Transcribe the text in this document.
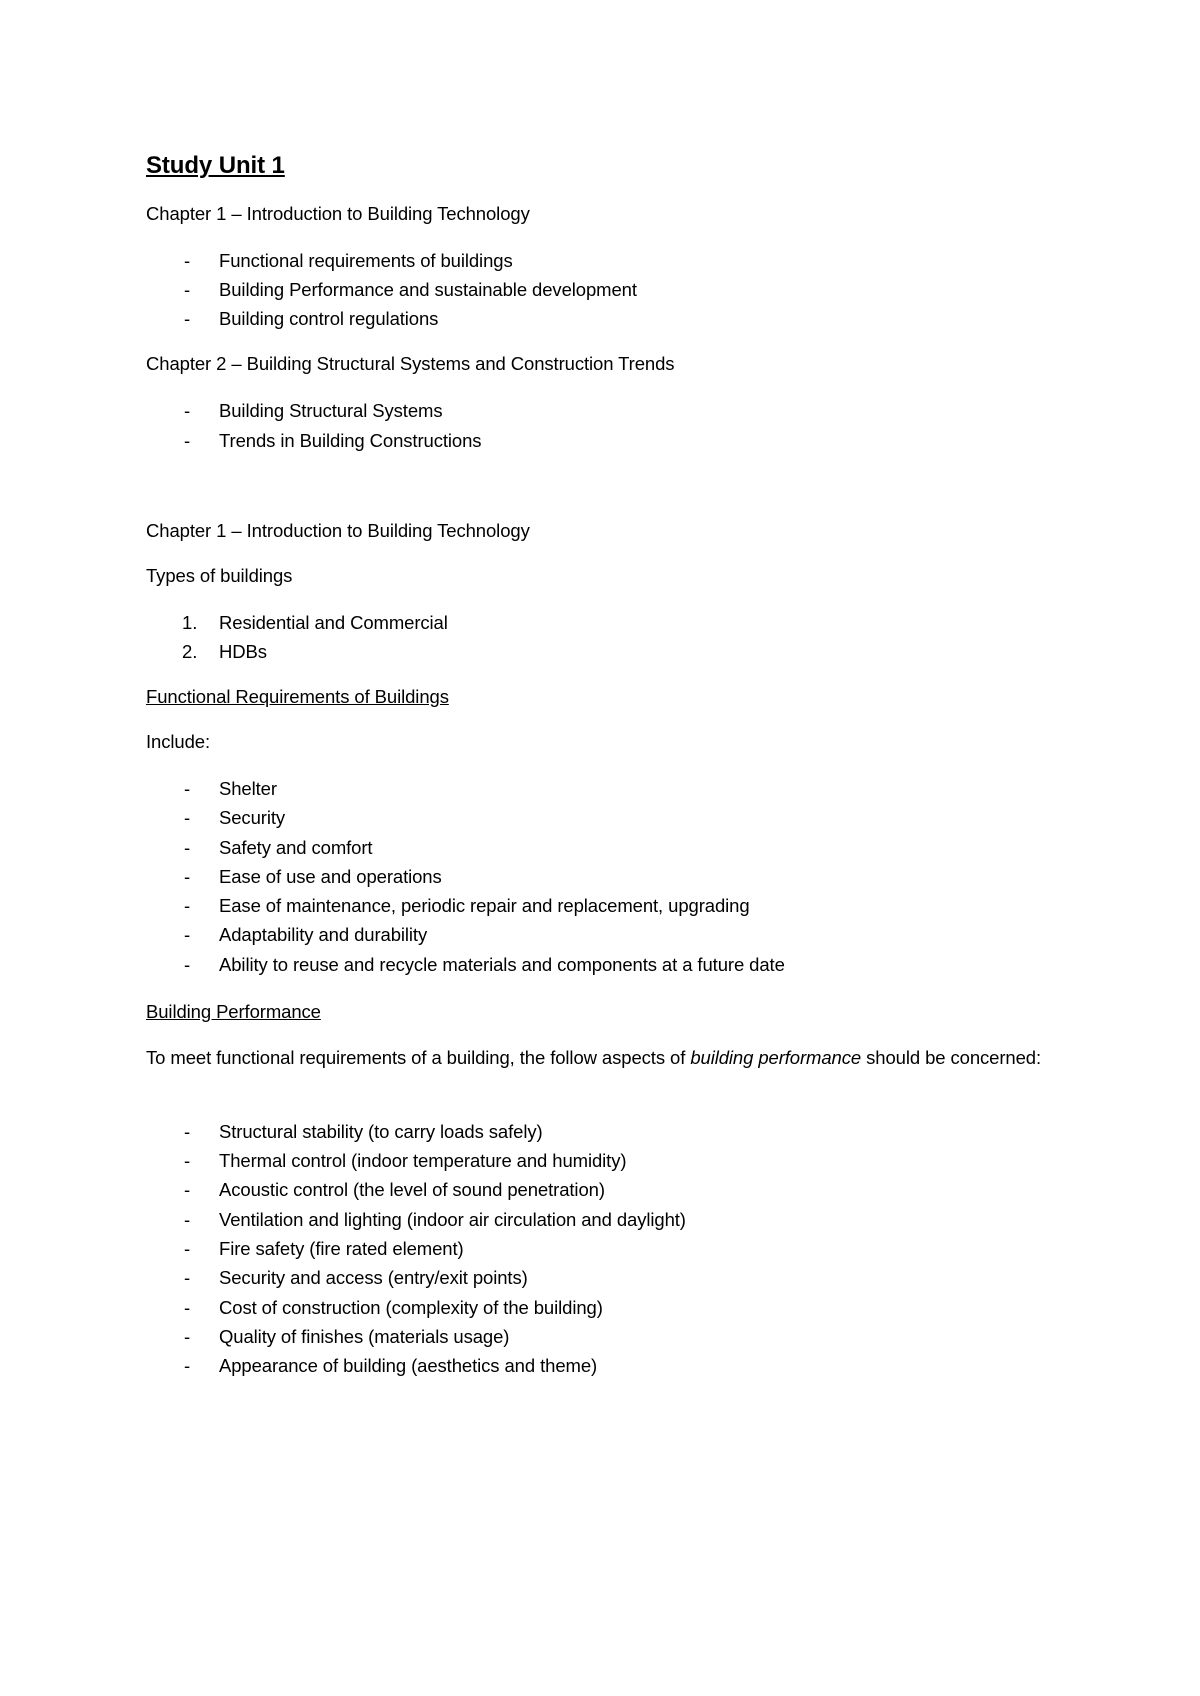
Study Unit 1
Chapter 1 – Introduction to Building Technology
-	Functional requirements of buildings
-	Building Performance and sustainable development
-	Building control regulations
Chapter 2 – Building Structural Systems and Construction Trends
-	Building Structural Systems
-	Trends in Building Constructions
Chapter 1 – Introduction to Building Technology
Types of buildings
1. Residential and Commercial
2. HDBs
Functional Requirements of Buildings
Include:
-	Shelter
-	Security
-	Safety and comfort
-	Ease of use and operations
-	Ease of maintenance, periodic repair and replacement, upgrading
-	Adaptability and durability
-	Ability to reuse and recycle materials and components at a future date
Building Performance
To meet functional requirements of a building, the follow aspects of building performance should be concerned:
-	Structural stability (to carry loads safely)
-	Thermal control (indoor temperature and humidity)
-	Acoustic control (the level of sound penetration)
-	Ventilation and lighting (indoor air circulation and daylight)
-	Fire safety (fire rated element)
-	Security and access (entry/exit points)
-	Cost of construction (complexity of the building)
-	Quality of finishes (materials usage)
-	Appearance of building (aesthetics and theme)
